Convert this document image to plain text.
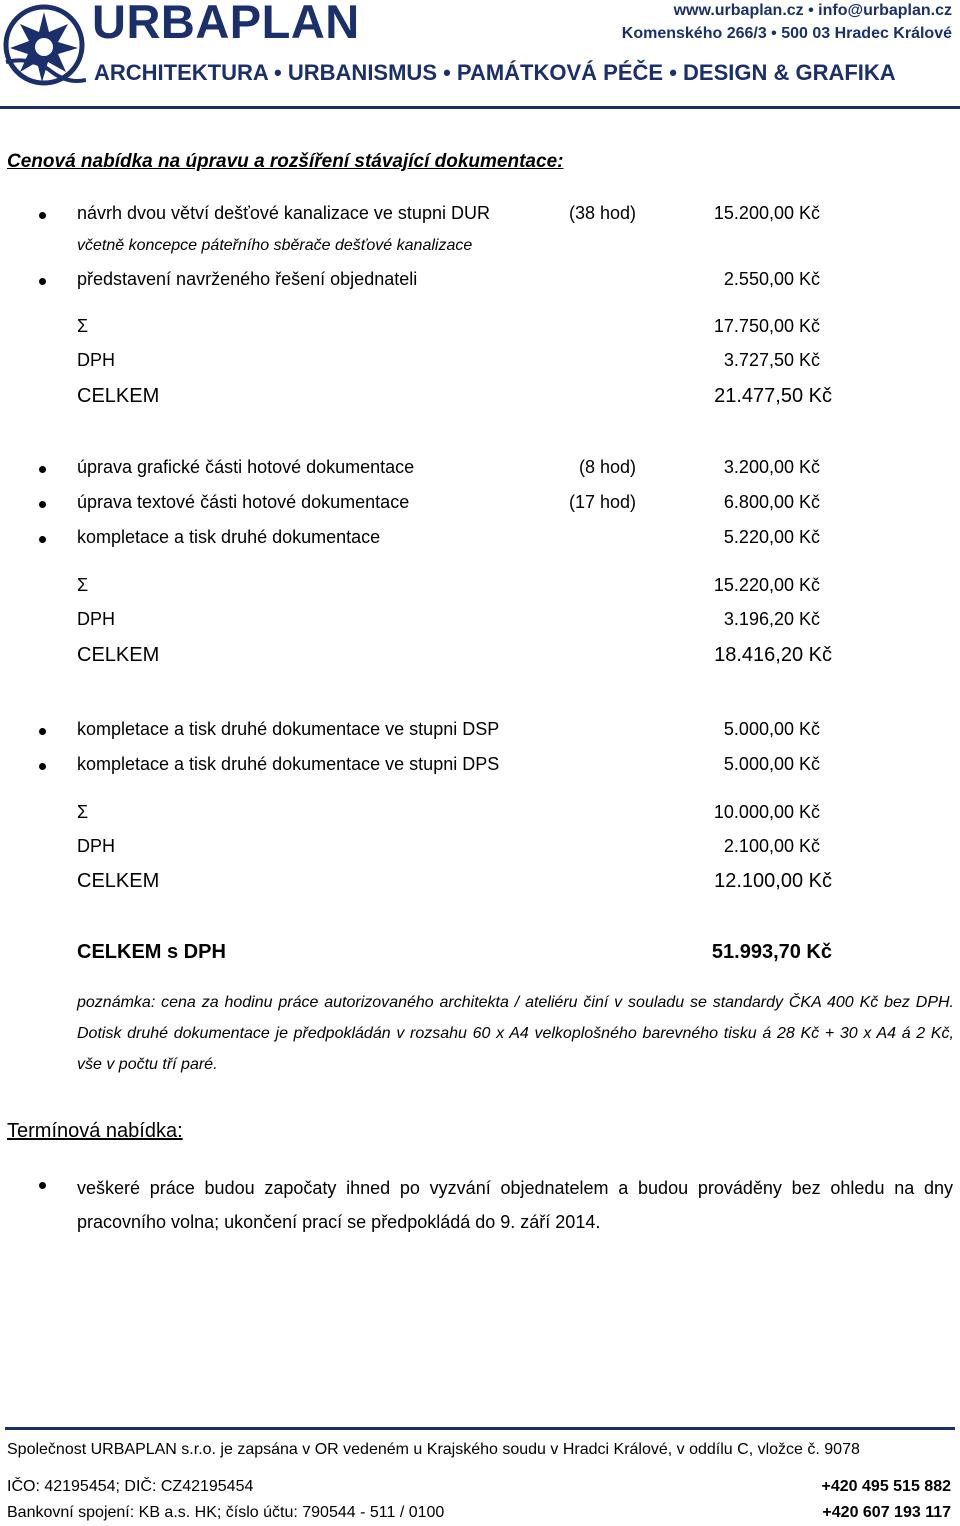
URBAPLAN	www.urbaplan.cz • info@urbaplan.cz
Komenského 266/3 • 500 03 Hradec Králové
ARCHITEKTURA • URBANISMUS • PAMÁTKOVÁ PÉČE • DESIGN & GRAFIKA
Cenová nabídka na úpravu a rozšíření stávající dokumentace:
návrh dvou větví dešťové kanalizace ve stupni DUR	(38 hod)	15.200,00 Kč
včetně koncepce páteřního sběrače dešťové kanalizace
představení navrženého řešení objednateli	2.550,00 Kč
Σ	17.750,00 Kč
DPH	3.727,50 Kč
CELKEM	21.477,50 Kč
úprava grafické části hotové dokumentace	(8 hod)	3.200,00 Kč
úprava textové části hotové dokumentace	(17 hod)	6.800,00 Kč
kompletace a tisk druhé dokumentace	5.220,00 Kč
Σ	15.220,00 Kč
DPH	3.196,20 Kč
CELKEM	18.416,20 Kč
kompletace a tisk druhé dokumentace ve stupni DSP	5.000,00 Kč
kompletace a tisk druhé dokumentace ve stupni DPS	5.000,00 Kč
Σ	10.000,00 Kč
DPH	2.100,00 Kč
CELKEM	12.100,00 Kč
CELKEM s DPH	51.993,70 Kč
poznámka: cena za hodinu práce autorizovaného architekta / ateliéru činí v souladu se standardy ČKA 400 Kč bez DPH. Dotisk druhé dokumentace je předpokládán v rozsahu 60 x A4 velkoplošného barevného tisku á 28 Kč + 30 x A4 á 2 Kč, vše v počtu tří paré.
Termínová nabídka:
veškeré práce budou započaty ihned po vyzvání objednatelem a budou prováděny bez ohledu na dny pracovního volna; ukončení prací se předpokládá do 9. září 2014.
Společnost URBAPLAN s.r.o. je zapsána v OR vedeném u Krajského soudu v Hradci Králové, v oddílu C, vložce č. 9078
IČO: 42195454; DIČ: CZ42195454	+420 495 515 882
Bankovní spojení: KB a.s. HK; číslo účtu: 790544 - 511 / 0100	+420 607 193 117
